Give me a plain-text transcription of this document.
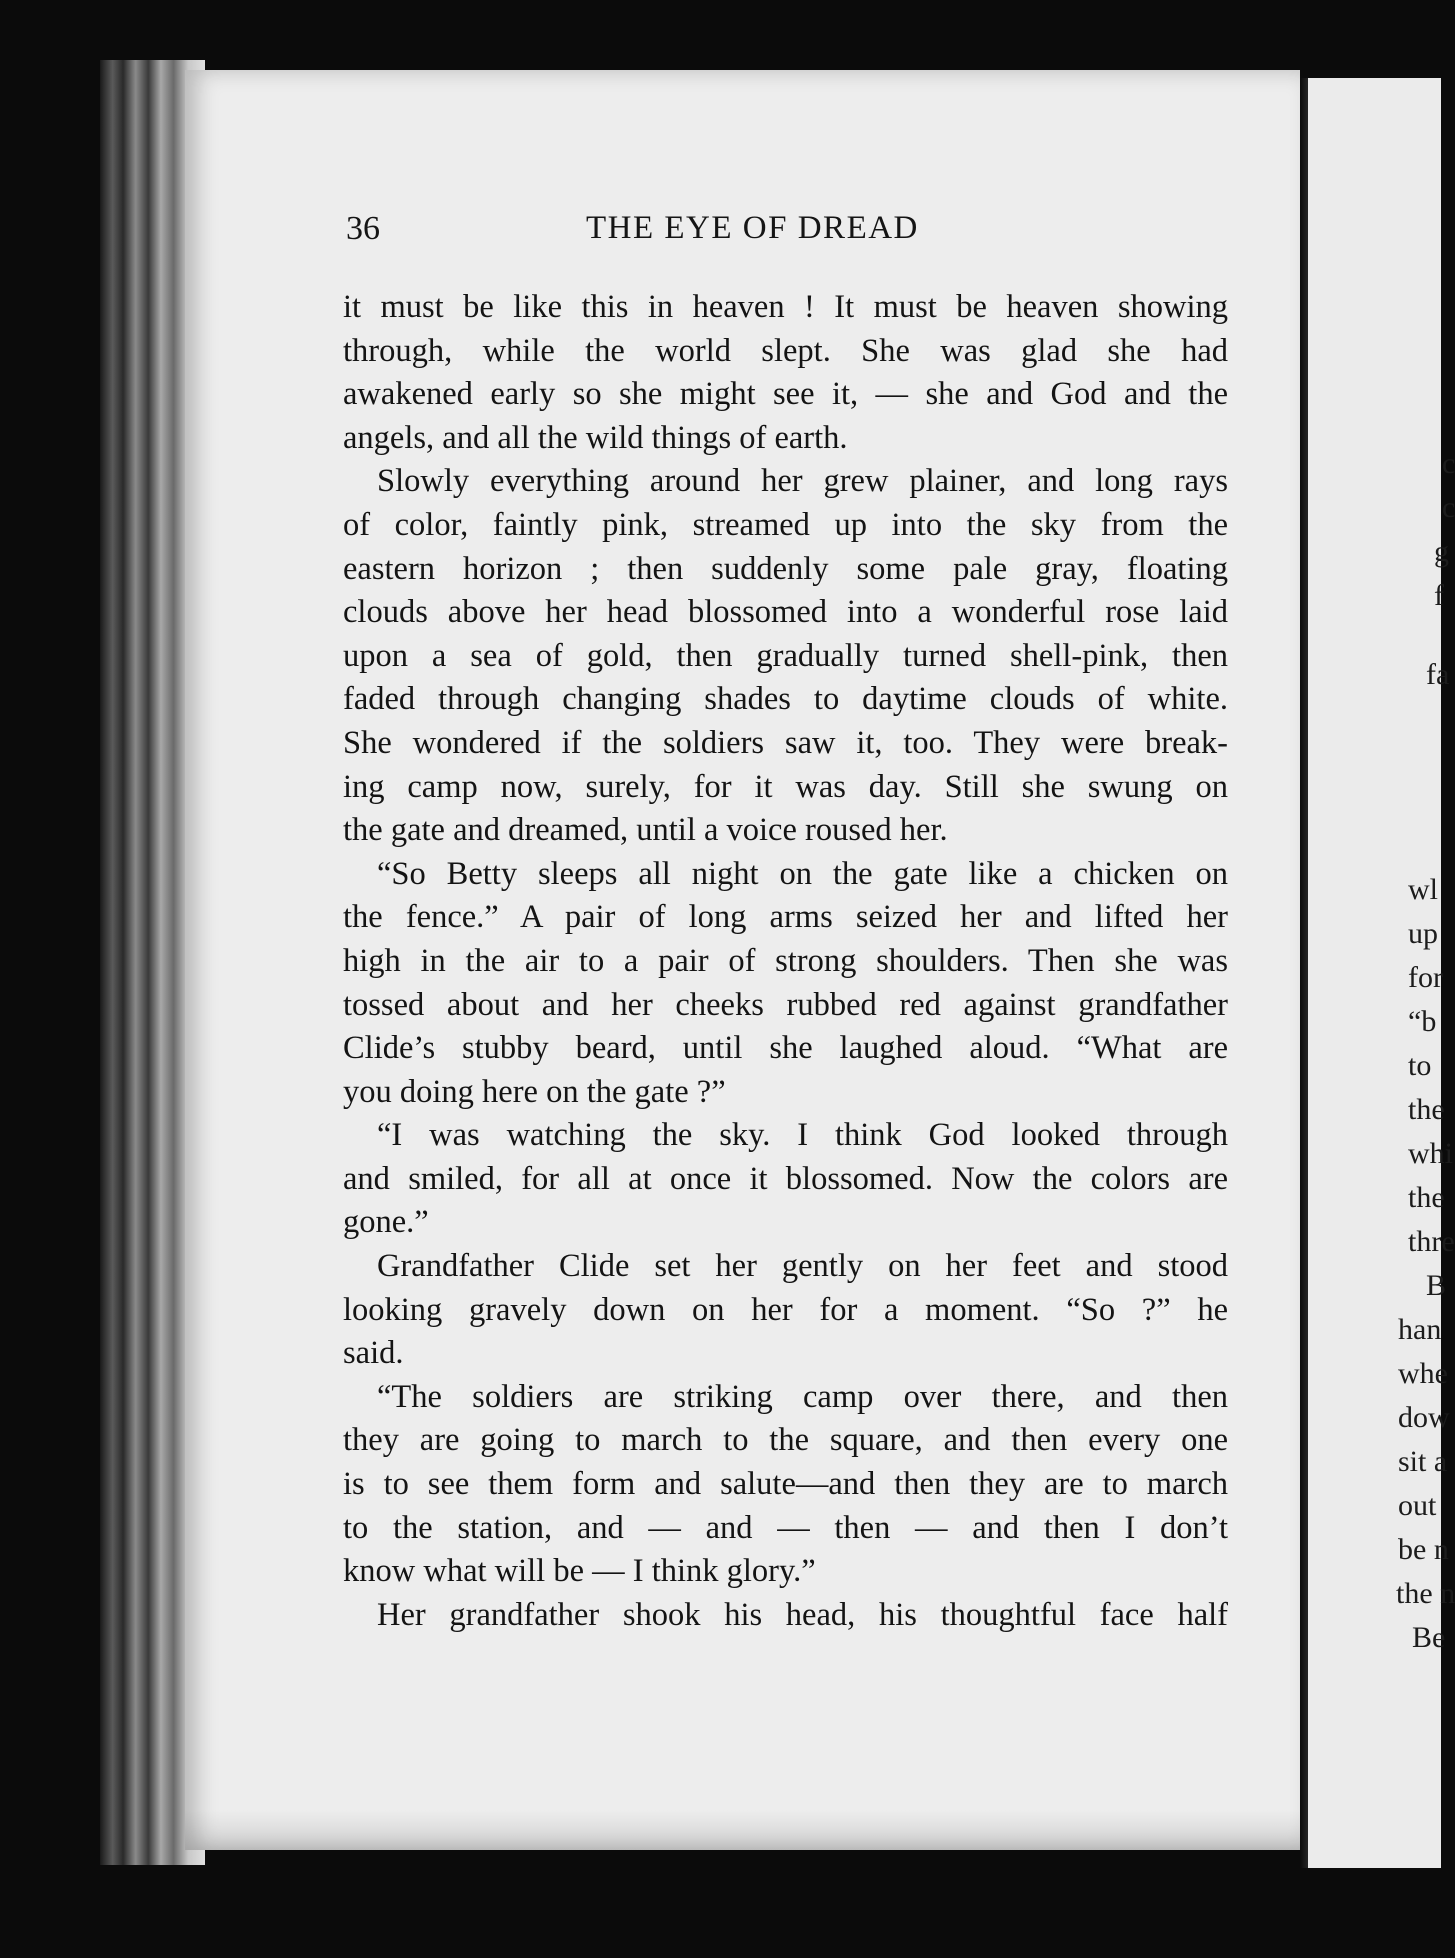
c
c
g
f
fa
wl
up
for
“b
to
the
whi
the
thre
B
han
whe
dow
sit a
out
be n
the n
Be
36	THE EYE OF DREAD
it must be like this in heaven ! It must be heaven showing
through, while the world slept. She was glad she had
awakened early so she might see it, — she and God and the
angels, and all the wild things of earth.
Slowly everything around her grew plainer, and long rays
of color, faintly pink, streamed up into the sky from the
eastern horizon ; then suddenly some pale gray, floating
clouds above her head blossomed into a wonderful rose laid
upon a sea of gold, then gradually turned shell-pink, then
faded through changing shades to daytime clouds of white.
She wondered if the soldiers saw it, too. They were break-
ing camp now, surely, for it was day. Still she swung on
the gate and dreamed, until a voice roused her.
“So Betty sleeps all night on the gate like a chicken on
the fence.” A pair of long arms seized her and lifted her
high in the air to a pair of strong shoulders. Then she was
tossed about and her cheeks rubbed red against grandfather
Clide’s stubby beard, until she laughed aloud. “What are
you doing here on the gate ?”
“I was watching the sky. I think God looked through
and smiled, for all at once it blossomed. Now the colors are
gone.”
Grandfather Clide set her gently on her feet and stood
looking gravely down on her for a moment. “So ?” he
said.
“The soldiers are striking camp over there, and then
they are going to march to the square, and then every one
is to see them form and salute—and then they are to march
to the station, and — and — then — and then I don’t
know what will be — I think glory.”
Her grandfather shook his head, his thoughtful face half
